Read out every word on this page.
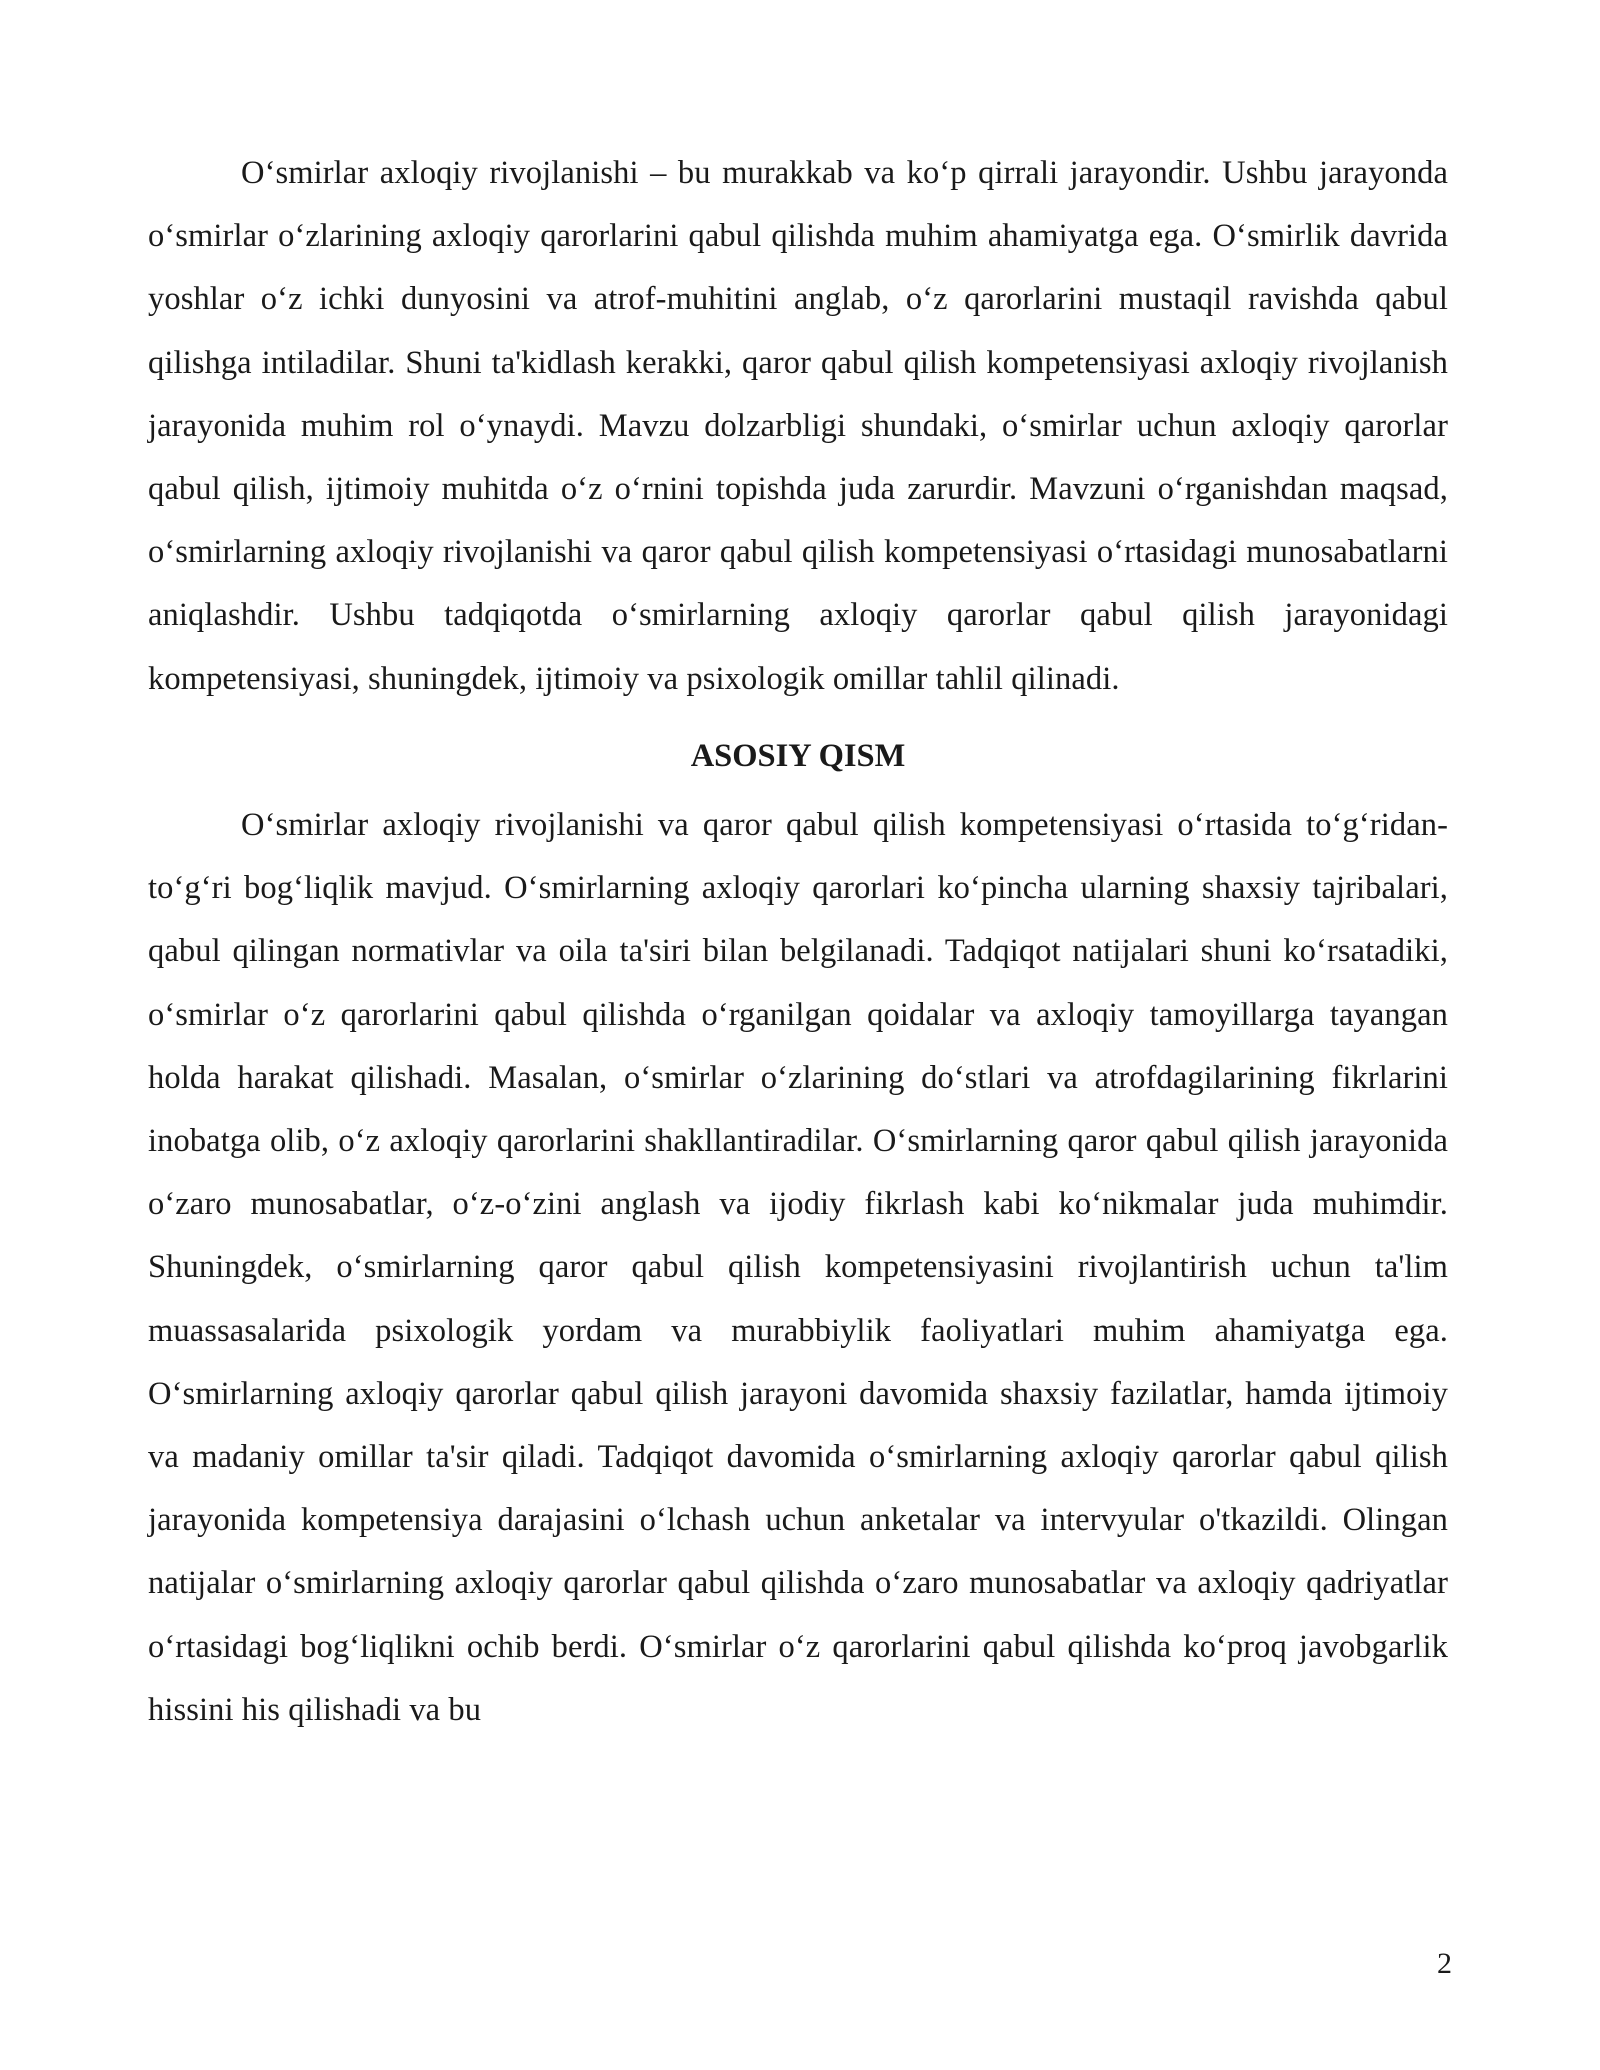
O‘smirlar axloqiy rivojlanishi – bu murakkab va ko‘p qirrali jarayondir. Ushbu jarayonda o‘smirlar o‘zlarining axloqiy qarorlarini qabul qilishda muhim ahamiyatga ega. O‘smirlik davrida yoshlar o‘z ichki dunyosini va atrof-muhitini anglab, o‘z qarorlarini mustaqil ravishda qabul qilishga intiladilar. Shuni ta'kidlash kerakki, qaror qabul qilish kompetensiyasi axloqiy rivojlanish jarayonida muhim rol o‘ynaydi. Mavzu dolzarbligi shundaki, o‘smirlar uchun axloqiy qarorlar qabul qilish, ijtimoiy muhitda o‘z o‘rnini topishda juda zarurdir. Mavzuni o‘rganishdan maqsad, o‘smirlarning axloqiy rivojlanishi va qaror qabul qilish kompetensiyasi o‘rtasidagi munosabatlarni aniqlashdir. Ushbu tadqiqotda o‘smirlarning axloqiy qarorlar qabul qilish jarayonidagi kompetensiyasi, shuningdek, ijtimoiy va psixologik omillar tahlil qilinadi.

ASOSIY QISM

O‘smirlar axloqiy rivojlanishi va qaror qabul qilish kompetensiyasi o‘rtasida to‘g‘ridan-to‘g‘ri bog‘liqlik mavjud. O‘smirlarning axloqiy qarorlari ko‘pincha ularning shaxsiy tajribalari, qabul qilingan normativlar va oila ta'siri bilan belgilanadi. Tadqiqot natijalari shuni ko‘rsatadiki, o‘smirlar o‘z qarorlarini qabul qilishda o‘rganilgan qoidalar va axloqiy tamoyillarga tayangan holda harakat qilishadi. Masalan, o‘smirlar o‘zlarining do‘stlari va atrofdagilarining fikrlarini inobatga olib, o‘z axloqiy qarorlarini shakllantiradilar. O‘smirlarning qaror qabul qilish jarayonida o‘zaro munosabatlar, o‘z-o‘zini anglash va ijodiy fikrlash kabi ko‘nikmalar juda muhimdir. Shuningdek, o‘smirlarning qaror qabul qilish kompetensiyasini rivojlantirish uchun ta'lim muassasalarida psixologik yordam va murabbiylik faoliyatlari muhim ahamiyatga ega. O‘smirlarning axloqiy qarorlar qabul qilish jarayoni davomida shaxsiy fazilatlar, hamda ijtimoiy va madaniy omillar ta'sir qiladi. Tadqiqot davomida o‘smirlarning axloqiy qarorlar qabul qilish jarayonida kompetensiya darajasini o‘lchash uchun anketalar va intervyular o'tkazildi. Olingan natijalar o‘smirlarning axloqiy qarorlar qabul qilishda o‘zaro munosabatlar va axloqiy qadriyatlar o‘rtasidagi bog‘liqlikni ochib berdi. O‘smirlar o‘z qarorlarini qabul qilishda ko‘proq javobgarlik hissini his qilishadi va bu

2
